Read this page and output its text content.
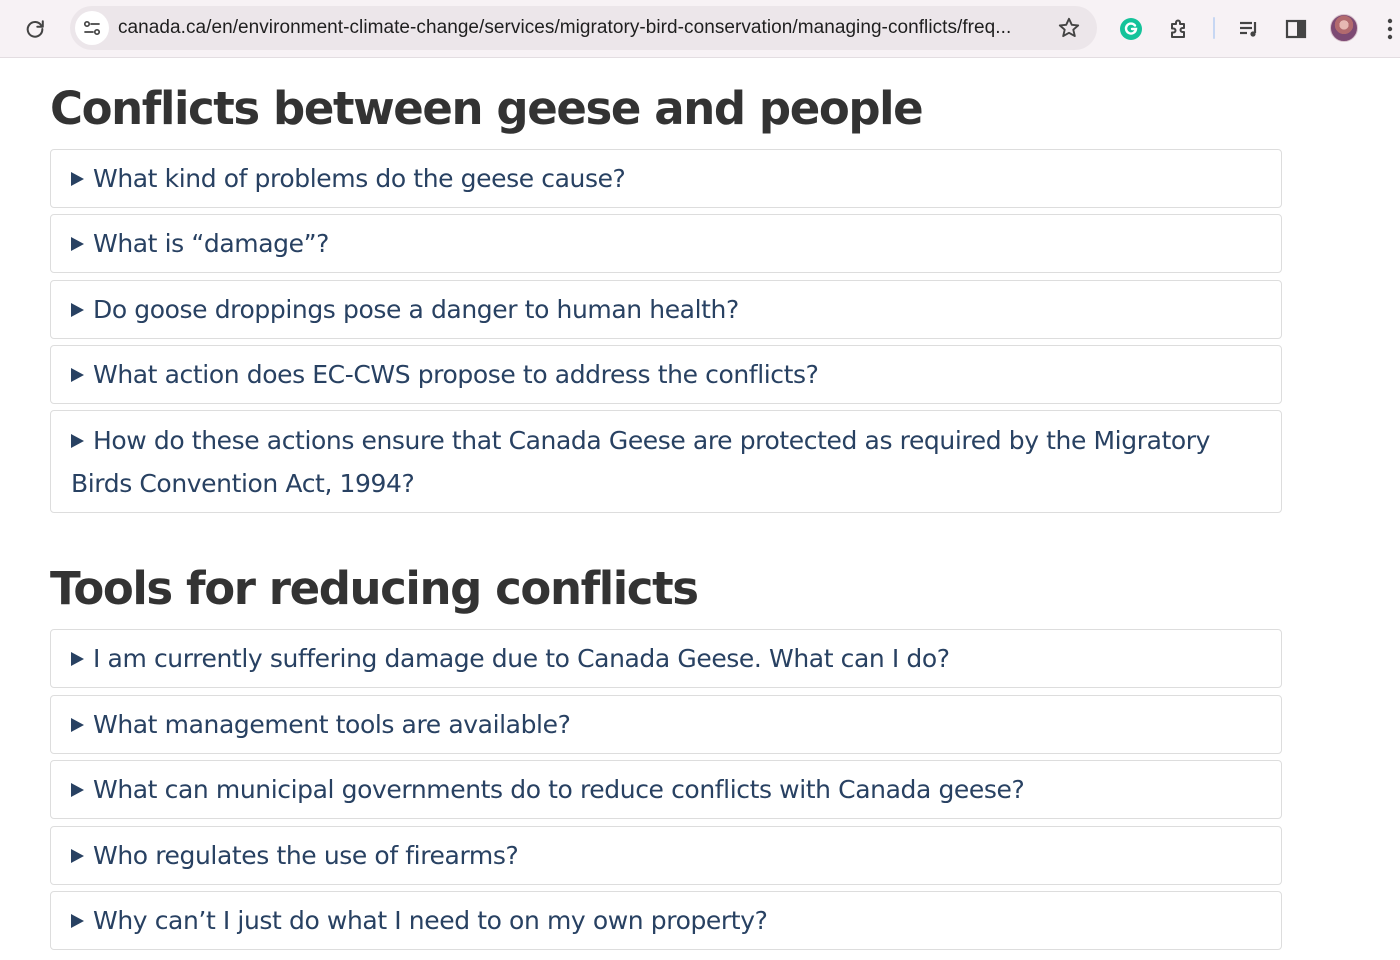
canada.ca/en/environment-climate-change/services/migratory-bird-conservation/managing-conflicts/freq...
Conflicts between geese and people
What kind of problems do the geese cause?
What is “damage”?
Do goose droppings pose a danger to human health?
What action does EC-CWS propose to address the conflicts?
How do these actions ensure that Canada Geese are protected as required by the Migratory Birds Convention Act, 1994?
Tools for reducing conflicts
I am currently suffering damage due to Canada Geese. What can I do?
What management tools are available?
What can municipal governments do to reduce conflicts with Canada geese?
Who regulates the use of firearms?
Why can’t I just do what I need to on my own property?
